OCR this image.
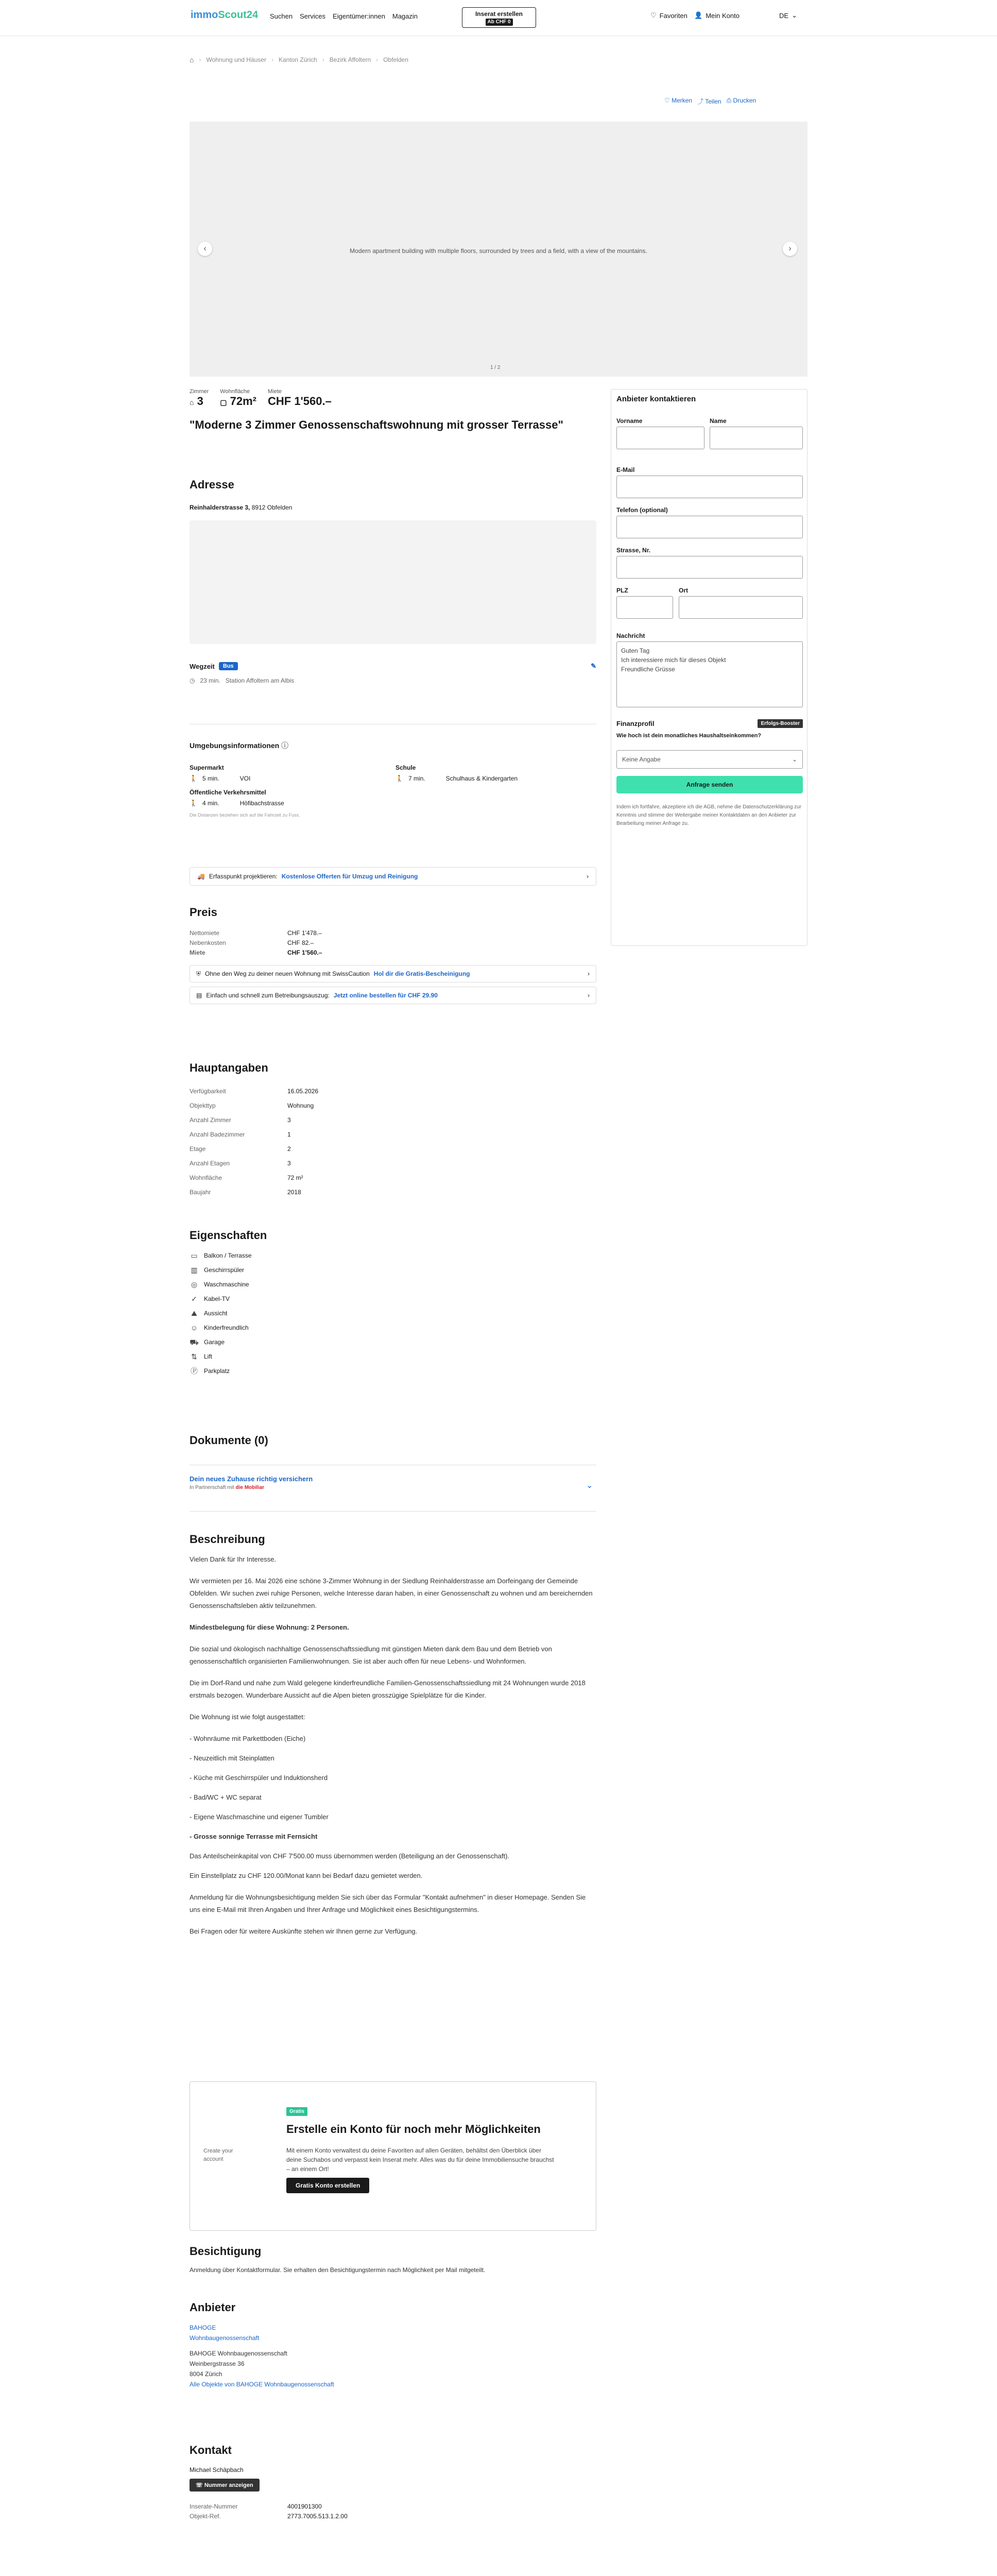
immoScout24 Suchen Services Eigentümer:innen Magazin	Inserat erstellen
Ab CHF 0
♡ Favoriten 👤 Mein Konto	DE ⌄
⌂ › Wohnung und Häuser › Kanton Zürich › Bezirk Affoltern › Obfelden
♡ Merken ⤴ Teilen ⎙ Drucken
Modern apartment building with multiple floors, surrounded by trees and a field, with a view of the mountains.
‹	›
1 / 2
Zimmer
⌂ 3
Wohnfläche
▢ 72m²
Miete
CHF 1'560.–
"Moderne 3 Zimmer Genossenschaftswohnung mit grosser Terrasse"
Adresse
Reinhalderstrasse 3, 8912 Obfelden
Wegzeit	Bus	✎
◷ 23 min. Station Affoltern am Albis
Umgebungsinformationen ⓘ
Supermarkt
🚶 5 min.	VOI
Schule
🚶 7 min.	Schulhaus & Kindergarten
Öffentliche Verkehrsmittel
🚶 4 min.	Höfibachstrasse
Die Distanzen beziehen sich auf die Fahrzeit zu Fuss.
🚚 Erfasspunkt projektieren: Kostenlose Offerten für Umzug und Reinigung	›
Preis
Nettomiete	CHF 1'478.–
Nebenkosten	CHF 82.–
Miete	CHF 1'560.–
⛨ Ohne den Weg zu deiner neuen Wohnung mit SwissCaution Hol dir die Gratis-Bescheinigung	›
▤ Einfach und schnell zum Betreibungsauszug: Jetzt online bestellen für CHF 29.90	›
Hauptangaben
Verfügbarkeit	16.05.2026
Objekttyp	Wohnung
Anzahl Zimmer	3
Anzahl Badezimmer	1
Etage	2
Anzahl Etagen	3
Wohnfläche	72 m²
Baujahr	2018
Eigenschaften
▭ Balkon / Terrasse
▥ Geschirrspüler
◎ Waschmaschine
✓ Kabel-TV
⛰ Aussicht
☺ Kinderfreundlich
⛟ Garage
⇅ Lift
Ⓟ Parkplatz
Dokumente (0)
Dein neues Zuhause richtig versichern
In Partnerschaft mit die Mobiliar	⌄
Beschreibung

Vielen Dank für Ihr Interesse.

Wir vermieten per 16. Mai 2026 eine schöne 3-Zimmer Wohnung in der Siedlung Reinhalderstrasse am Dorfeingang der Gemeinde Obfelden. Wir suchen zwei ruhige Personen, welche Interesse daran haben, in einer Genossenschaft zu wohnen und am bereichernden Genossenschaftsleben aktiv teilzunehmen.

Mindestbelegung für diese Wohnung: 2 Personen.

Die sozial und ökologisch nachhaltige Genossenschaftssiedlung mit günstigen Mieten dank dem Bau und dem Betrieb von genossenschaftlich organisierten Familienwohnungen. Sie ist aber auch offen für neue Lebens- und Wohnformen.

Die im Dorf-Rand und nahe zum Wald gelegene kinderfreundliche Familien-Genossenschaftssiedlung mit 24 Wohnungen wurde 2018 erstmals bezogen. Wunderbare Aussicht auf die Alpen bieten grosszügige Spielplätze für die Kinder.

Die Wohnung ist wie folgt ausgestattet:

- Wohnräume mit Parkettboden (Eiche)

- Neuzeitlich mit Steinplatten

- Küche mit Geschirrspüler und Induktionsherd

- Bad/WC + WC separat

- Eigene Waschmaschine und eigener Tumbler

- Grosse sonnige Terrasse mit Fernsicht

Das Anteilscheinkapital von CHF 7'500.00 muss übernommen werden (Beteiligung an der Genossenschaft).

Ein Einstellplatz zu CHF 120.00/Monat kann bei Bedarf dazu gemietet werden.

Anmeldung für die Wohnungsbesichtigung melden Sie sich über das Formular "Kontakt aufnehmen" in dieser Homepage. Senden Sie uns eine E-Mail mit Ihren Angaben und Ihrer Anfrage und Möglichkeit eines Besichtigungstermins.

Bei Fragen oder für weitere Auskünfte stehen wir Ihnen gerne zur Verfügung.

Create your account
Gratis
Erstelle ein Konto für noch mehr Möglichkeiten
Mit einem Konto verwaltest du deine Favoriten auf allen Geräten, behältst den Überblick über deine Suchabos und verpasst kein Inserat mehr. Alles was du für deine Immobiliensuche brauchst – an einem Ort!
Gratis Konto erstellen
Besichtigung
Anmeldung über Kontaktformular. Sie erhalten den Besichtigungstermin nach Möglichkeit per Mail mitgeteilt.
Anbieter
BAHOGE
Wohnbaugenossenschaft
BAHOGE Wohnbaugenossenschaft
Weinbergstrasse 36
8004 Zürich
Alle Objekte von BAHOGE Wohnbaugenossenschaft
Kontakt
Michael Schäpbach
☏ Nummer anzeigen
Inserate-Nummer	4001901300
Objekt-Ref.	2773.7005.513.1.2.00
Anbieter kontaktieren
Vorname	Name
E-Mail
Telefon (optional)
Strasse, Nr.
PLZ	Ort
Nachricht
Guten Tag
Ich interessiere mich für dieses Objekt
Freundliche Grüsse
Finanzprofil	Erfolgs-Booster
Wie hoch ist dein monatliches Haushaltseinkommen?
Keine Angabe	⌄
Anfrage senden
Indem ich fortfahre, akzeptiere ich die AGB, nehme die Datenschutzerklärung zur Kenntnis und stimme der Weitergabe meiner Kontaktdaten an den Anbieter zur Bearbeitung meiner Anfrage zu.
